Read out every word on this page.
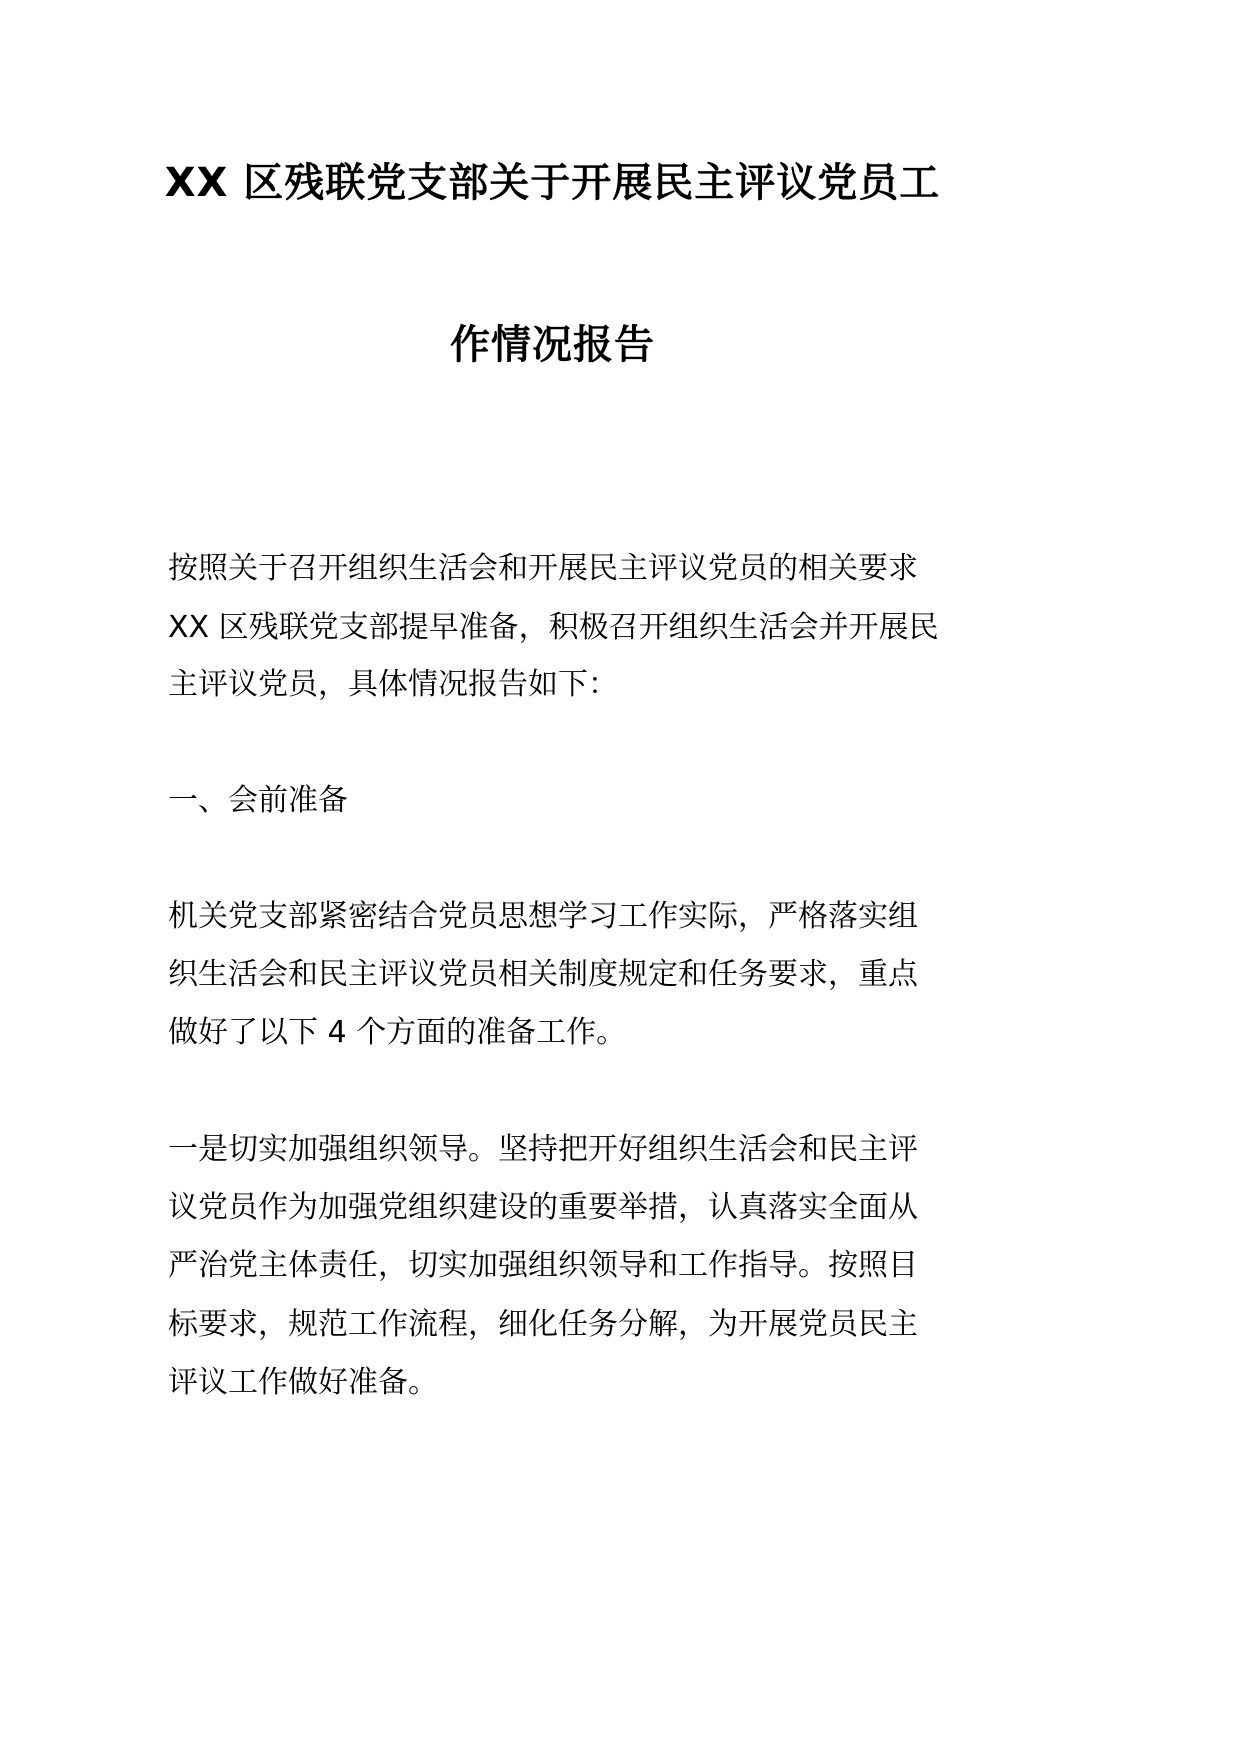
XX 区残联党支部关于开展民主评议党员工
作情况报告
按照关于召开组织生活会和开展民主评议党员的相关要求
XX 区残联党支部提早准备，积极召开组织生活会并开展民
主评议党员，具体情况报告如下：
一、会前准备
机关党支部紧密结合党员思想学习工作实际，严格落实组
织生活会和民主评议党员相关制度规定和任务要求，重点
做好了以下 4 个方面的准备工作。
一是切实加强组织领导。坚持把开好组织生活会和民主评
议党员作为加强党组织建设的重要举措，认真落实全面从
严治党主体责任，切实加强组织领导和工作指导。按照目
标要求，规范工作流程，细化任务分解，为开展党员民主
评议工作做好准备。
